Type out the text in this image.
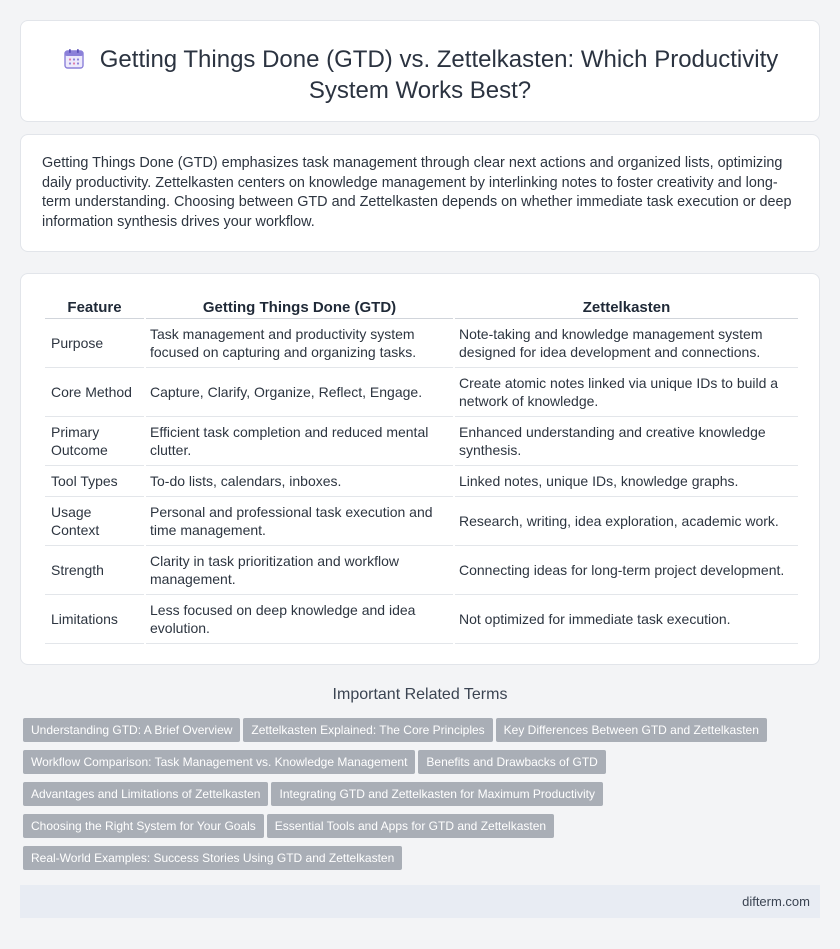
Getting Things Done (GTD) vs. Zettelkasten: Which Productivity
System Works Best?

Getting Things Done (GTD) emphasizes task management through clear next actions and organized lists, optimizing daily productivity. Zettelkasten centers on knowledge management by interlinking notes to foster creativity and long-term understanding. Choosing between GTD and Zettelkasten depends on whether immediate task execution or deep information synthesis drives your workflow.

Feature	Getting Things Done (GTD)	Zettelkasten
Purpose	Task management and productivity system focused on capturing and organizing tasks.	Note-taking and knowledge management system designed for idea development and connections.
Core Method	Capture, Clarify, Organize, Reflect, Engage.	Create atomic notes linked via unique IDs to build a network of knowledge.
Primary Outcome	Efficient task completion and reduced mental clutter.	Enhanced understanding and creative knowledge synthesis.
Tool Types	To-do lists, calendars, inboxes.	Linked notes, unique IDs, knowledge graphs.
Usage Context	Personal and professional task execution and time management.	Research, writing, idea exploration, academic work.
Strength	Clarity in task prioritization and workflow management.	Connecting ideas for long-term project development.
Limitations	Less focused on deep knowledge and idea evolution.	Not optimized for immediate task execution.
Important Related Terms
Understanding GTD: A Brief Overview Zettelkasten Explained: The Core Principles Key Differences Between GTD and ZettelkastenWorkflow Comparison: Task Management vs. Knowledge Management Benefits and Drawbacks of GTDAdvantages and Limitations of Zettelkasten Integrating GTD and Zettelkasten for Maximum ProductivityChoosing the Right System for Your Goals Essential Tools and Apps for GTD and ZettelkastenReal-World Examples: Success Stories Using GTD and Zettelkasten
difterm.com
